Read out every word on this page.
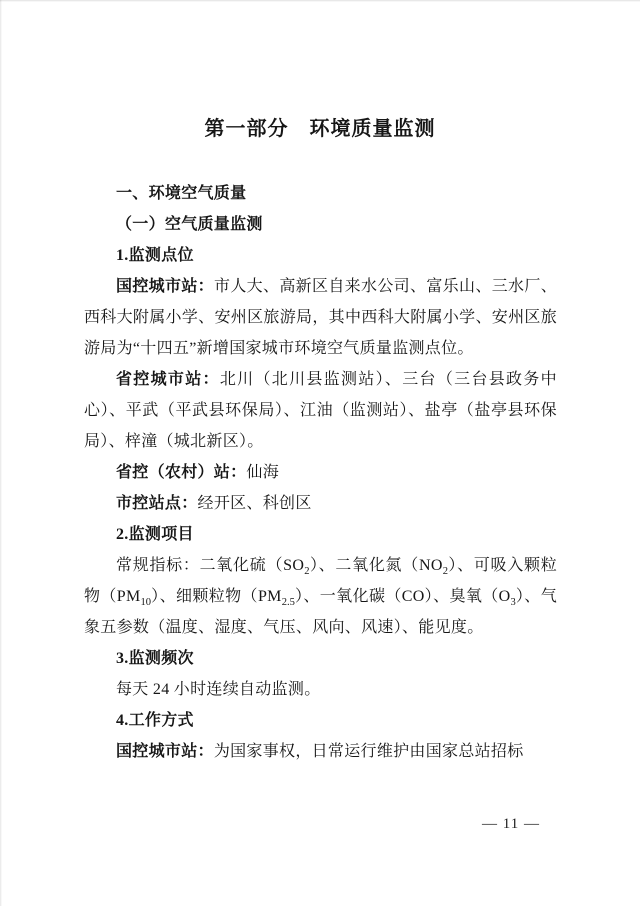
第一部分　环境质量监测

一、环境空气质量

（一）空气质量监测

1.监测点位

国控城市站：市人大、高新区自来水公司、富乐山、三水厂、西科大附属小学、安州区旅游局，其中西科大附属小学、安州区旅游局为“十四五”新增国家城市环境空气质量监测点位。

省控城市站：北川（北川县监测站）、三台（三台县政务中心）、平武（平武县环保局）、江油（监测站）、盐亭（盐亭县环保局）、梓潼（城北新区）。

省控（农村）站：仙海

市控站点：经开区、科创区

2.监测项目

常规指标：二氧化硫$(SO_2)$、二氧化氮$(NO_2)$、可吸入颗粒物$(PM_{10})$、细颗粒物$(PM_{2.5})$、一氧化碳（CO）、臭氧$(O_3)$、气象五参数（温度、湿度、气压、风向、风速）、能见度。

3.监测频次

每天 24 小时连续自动监测。

4.工作方式

国控城市站：为国家事权，日常运行维护由国家总站招标

— 11 —
